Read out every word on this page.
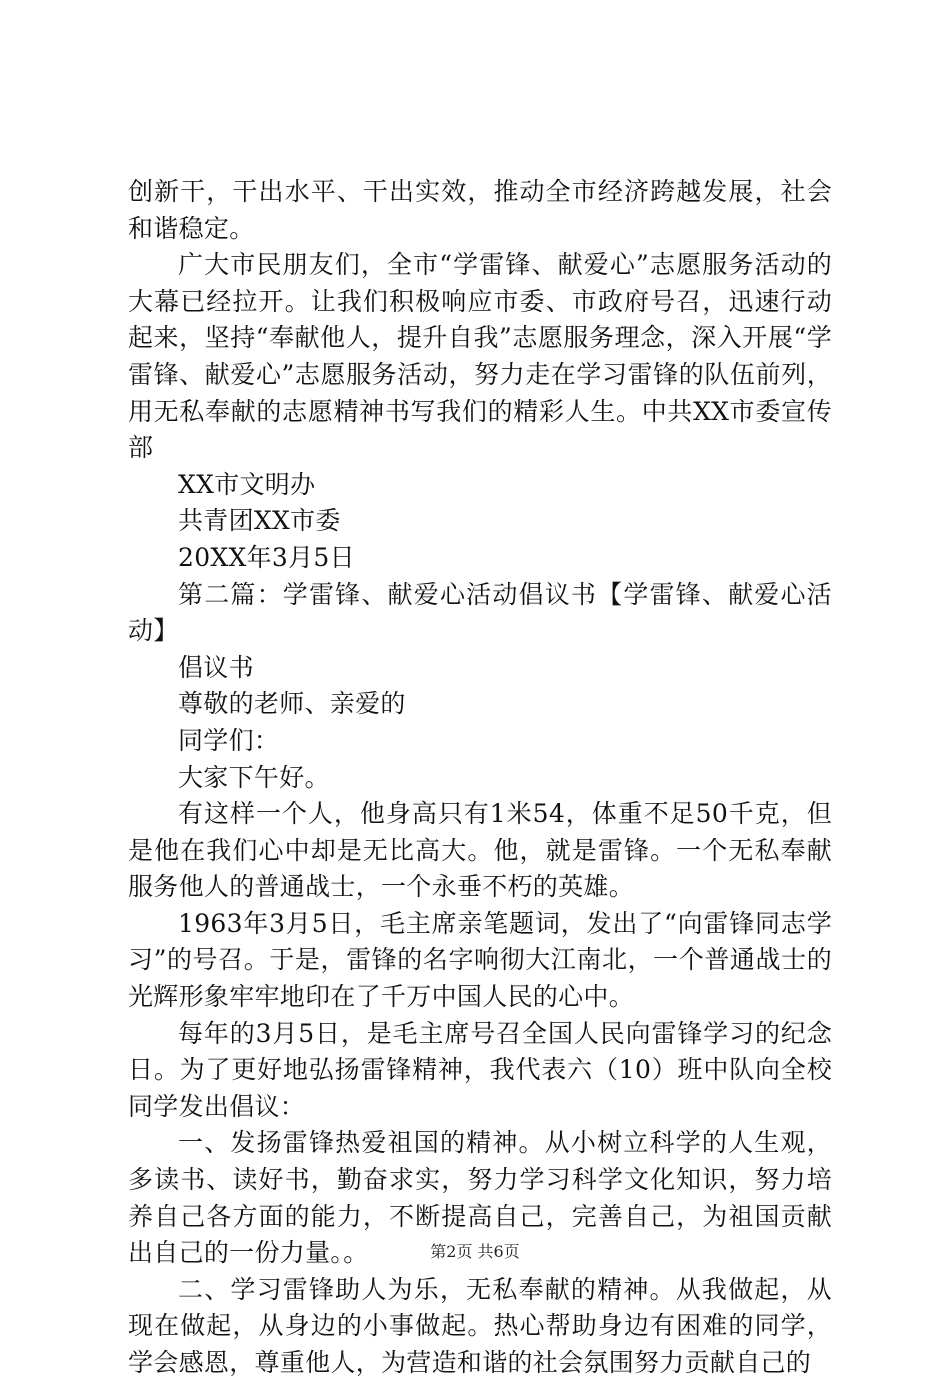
创新干，干出水平、干出实效，推动全市经济跨越发展，社会和谐稳定。

广大市民朋友们，全市“学雷锋、献爱心”志愿服务活动的大幕已经拉开。让我们积极响应市委、市政府号召，迅速行动起来，坚持“奉献他人，提升自我”志愿服务理念，深入开展“学雷锋、献爱心”志愿服务活动，努力走在学习雷锋的队伍前列，用无私奉献的志愿精神书写我们的精彩人生。中共XX市委宣传部

XX市文明办

共青团XX市委

20XX年3月5日

第二篇：学雷锋、献爱心活动倡议书【学雷锋、献爱心活动】

倡议书

尊敬的老师、亲爱的

同学们：

大家下午好。

有这样一个人，他身高只有1米54，体重不足50千克，但是他在我们心中却是无比高大。他，就是雷锋。一个无私奉献服务他人的普通战士，一个永垂不朽的英雄。

1963年3月5日，毛主席亲笔题词，发出了“向雷锋同志学习”的号召。于是，雷锋的名字响彻大江南北，一个普通战士的光辉形象牢牢地印在了千万中国人民的心中。

每年的3月5日，是毛主席号召全国人民向雷锋学习的纪念日。为了更好地弘扬雷锋精神，我代表六（10）班中队向全校同学发出倡议：

一、发扬雷锋热爱祖国的精神。从小树立科学的人生观，多读书、读好书，勤奋求实，努力学习科学文化知识，努力培养自己各方面的能力，不断提高自己，完善自己，为祖国贡献出自己的一份力量。。

二、学习雷锋助人为乐，无私奉献的精神。从我做起，从现在做起，从身边的小事做起。热心帮助身边有困难的同学，学会感恩，尊重他人，为营造和谐的社会氛围努力贡献自己的

第2页 共6页
